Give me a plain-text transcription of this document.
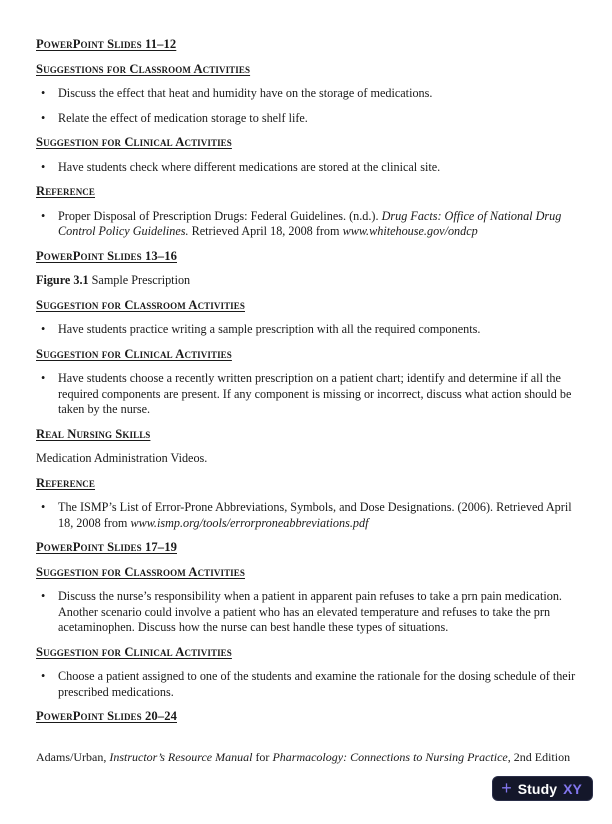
PowerPoint Slides 11–12
Suggestions for Classroom Activities
•	Discuss the effect that heat and humidity have on the storage of medications.
•	Relate the effect of medication storage to shelf life.
Suggestion for Clinical Activities
•	Have students check where different medications are stored at the clinical site.
Reference
•	Proper Disposal of Prescription Drugs: Federal Guidelines. (n.d.). Drug Facts: Office of National Drug Control Policy Guidelines. Retrieved April 18, 2008 from www.whitehouse.gov/ondcp
PowerPoint Slides 13–16
Figure 3.1 Sample Prescription
Suggestion for Classroom Activities
•	Have students practice writing a sample prescription with all the required components.
Suggestion for Clinical Activities
•	Have students choose a recently written prescription on a patient chart; identify and determine if all the required components are present. If any component is missing or incorrect, discuss what action should be taken by the nurse.
Real Nursing Skills
Medication Administration Videos.
Reference
•	The ISMP’s List of Error-Prone Abbreviations, Symbols, and Dose Designations. (2006). Retrieved April 18, 2008 from www.ismp.org/tools/errorproneabbreviations.pdf
PowerPoint Slides 17–19
Suggestion for Classroom Activities
•	Discuss the nurse’s responsibility when a patient in apparent pain refuses to take a prn pain medication. Another scenario could involve a patient who has an elevated temperature and refuses to take the prn acetaminophen. Discuss how the nurse can best handle these types of situations.
Suggestion for Clinical Activities
•	Choose a patient assigned to one of the students and examine the rationale for the dosing schedule of their prescribed medications.
PowerPoint Slides 20–24

Adams/Urban, Instructor’s Resource Manual for Pharmacology: Connections to Nursing Practice, 2nd Edition

+ Study XY
